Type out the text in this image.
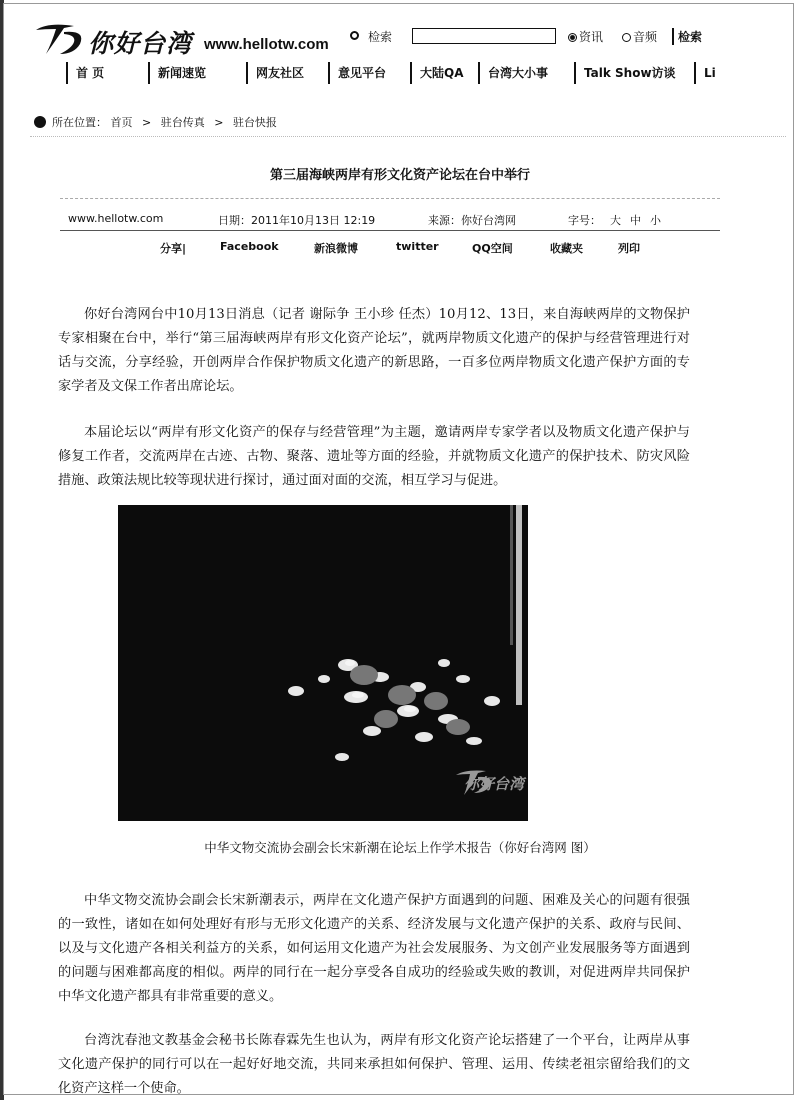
你好台湾 www.hellotw.com	检索	资讯	音频	检索
首 页	新闻速览	网友社区	意见平台	大陆QA	台湾大小事	Talk Show访谈	Li
所在位置： 首页 > 驻台传真 > 驻台快报
第三届海峡两岸有形文化资产论坛在台中举行
www.hellotw.com	日期：2011年10月13日 12:19	来源：你好台湾网	字号： 大 中 小
分享|	Facebook	新浪微博	twitter	QQ空间	收藏夹	列印

你好台湾网台中10月13日消息（记者 谢际争 王小珍 任杰）10月12、13日，来自海峡两岸的文物保护专家相聚在台中，举行“第三届海峡两岸有形文化资产论坛”，就两岸物质文化遗产的保护与经营管理进行对话与交流，分享经验，开创两岸合作保护物质文化遗产的新思路，一百多位两岸物质文化遗产保护方面的专家学者及文保工作者出席论坛。

本届论坛以“两岸有形文化资产的保存与经营管理”为主题，邀请两岸专家学者以及物质文化遗产保护与修复工作者，交流两岸在古迹、古物、聚落、遗址等方面的经验，并就物质文化遗产的保护技术、防灾风险措施、政策法规比较等现状进行探讨，通过面对面的交流，相互学习与促进。

你好台湾
中华文物交流协会副会长宋新潮在论坛上作学术报告（你好台湾网 图）

中华文物交流协会副会长宋新潮表示，两岸在文化遗产保护方面遇到的问题、困难及关心的问题有很强的一致性，诸如在如何处理好有形与无形文化遗产的关系、经济发展与文化遗产保护的关系、政府与民间、以及与文化遗产各相关利益方的关系，如何运用文化遗产为社会发展服务、为文创产业发展服务等方面遇到的问题与困难都高度的相似。两岸的同行在一起分享受各自成功的经验或失败的教训，对促进两岸共同保护中华文化遗产都具有非常重要的意义。

台湾沈春池文教基金会秘书长陈春霖先生也认为，两岸有形文化资产论坛搭建了一个平台，让两岸从事文化遗产保护的同行可以在一起好好地交流，共同来承担如何保护、管理、运用、传续老祖宗留给我们的文化资产这样一个使命。
